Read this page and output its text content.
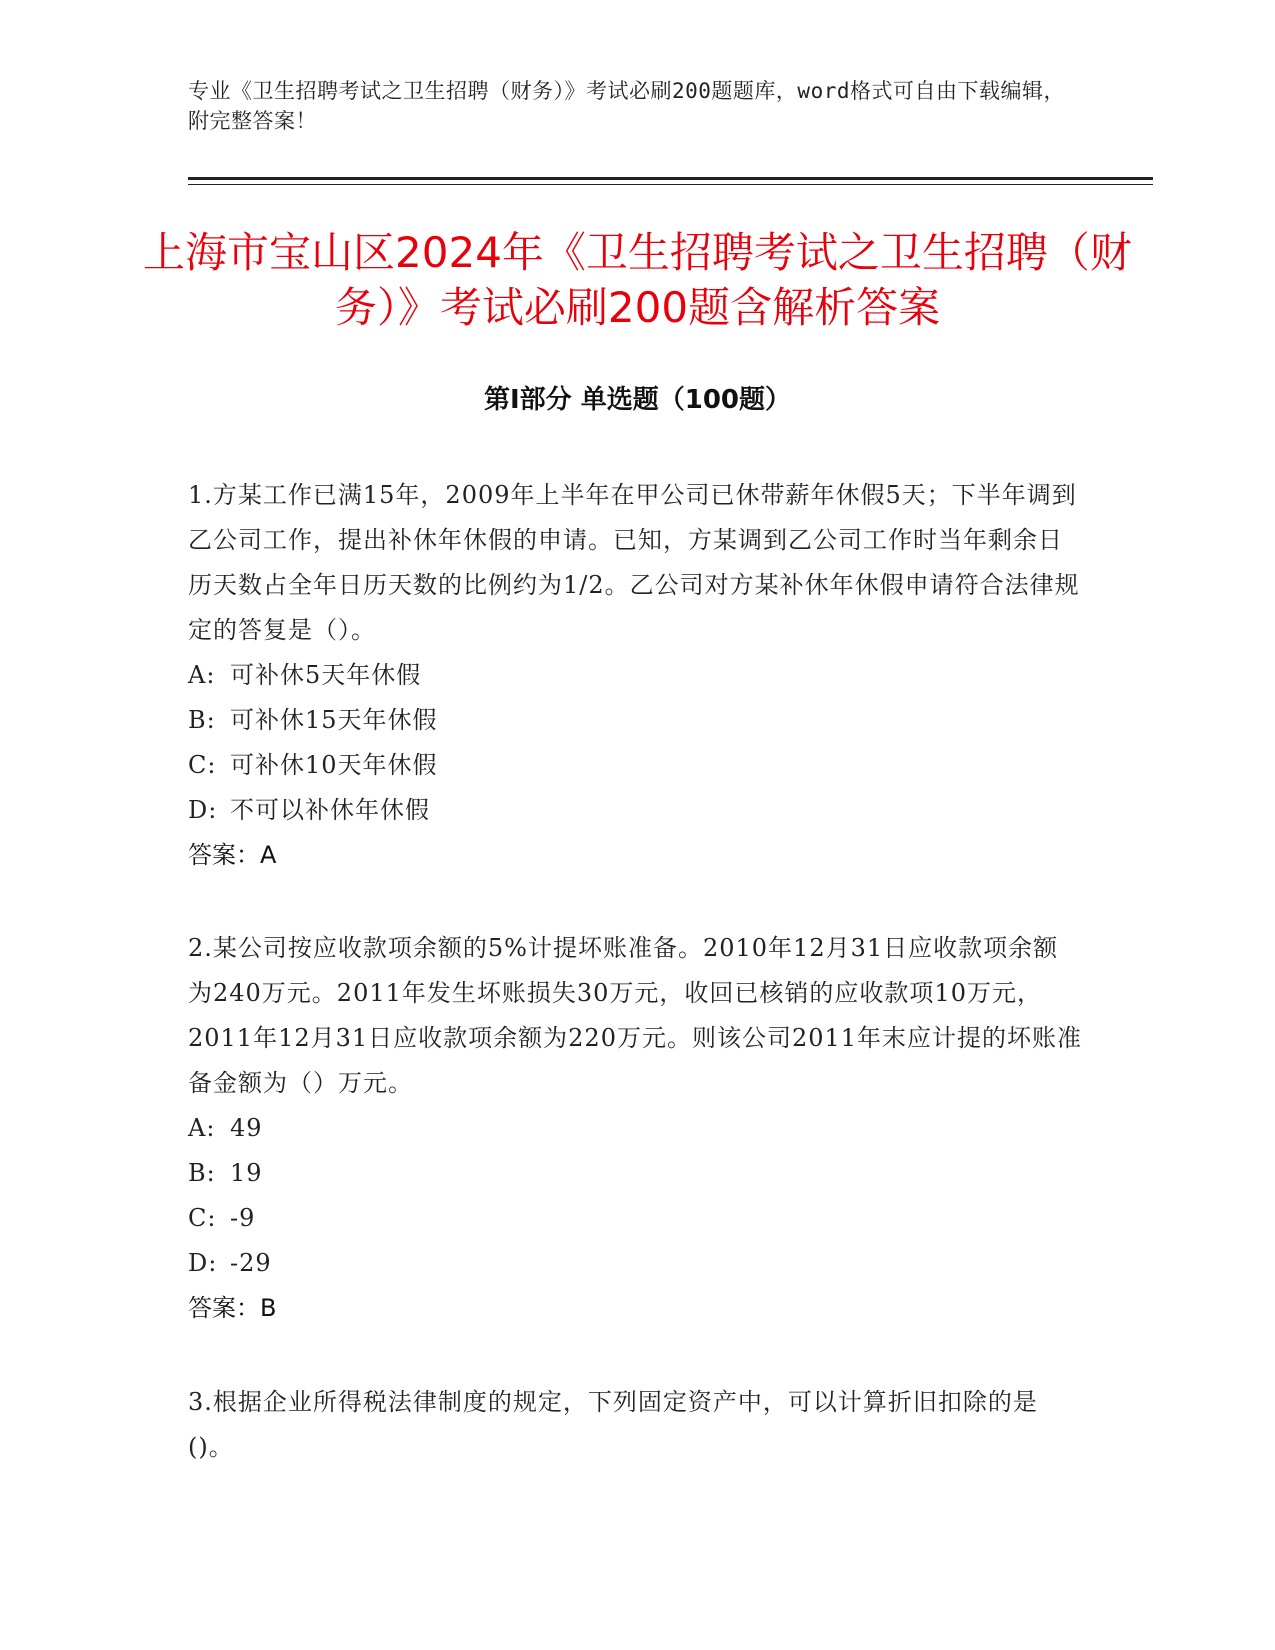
专业《卫生招聘考试之卫生招聘（财务）》考试必刷200题题库，word格式可自由下载编辑，附完整答案！
上海市宝山区2024年《卫生招聘考试之卫生招聘（财务）》考试必刷200题含解析答案
第Ⅰ部分 单选题（100题）

1.方某工作已满15年，2009年上半年在甲公司已休带薪年休假5天；下半年调到乙公司工作，提出补休年休假的申请。已知，方某调到乙公司工作时当年剩余日历天数占全年日历天数的比例约为1/2。乙公司对方某补休年休假申请符合法律规定的答复是（）。

A: 可补休5天年休假
B: 可补休15天年休假
C: 可补休10天年休假
D: 不可以补休年休假

答案：A

2.某公司按应收款项余额的5%计提坏账准备。2010年12月31日应收款项余额为240万元。2011年发生坏账损失30万元，收回已核销的应收款项10万元，2011年12月31日应收款项余额为220万元。则该公司2011年末应计提的坏账准备金额为（）万元。

A: 49
B: 19
C: -9
D: -29

答案：B

3.根据企业所得税法律制度的规定，下列固定资产中，可以计算折旧扣除的是()。
